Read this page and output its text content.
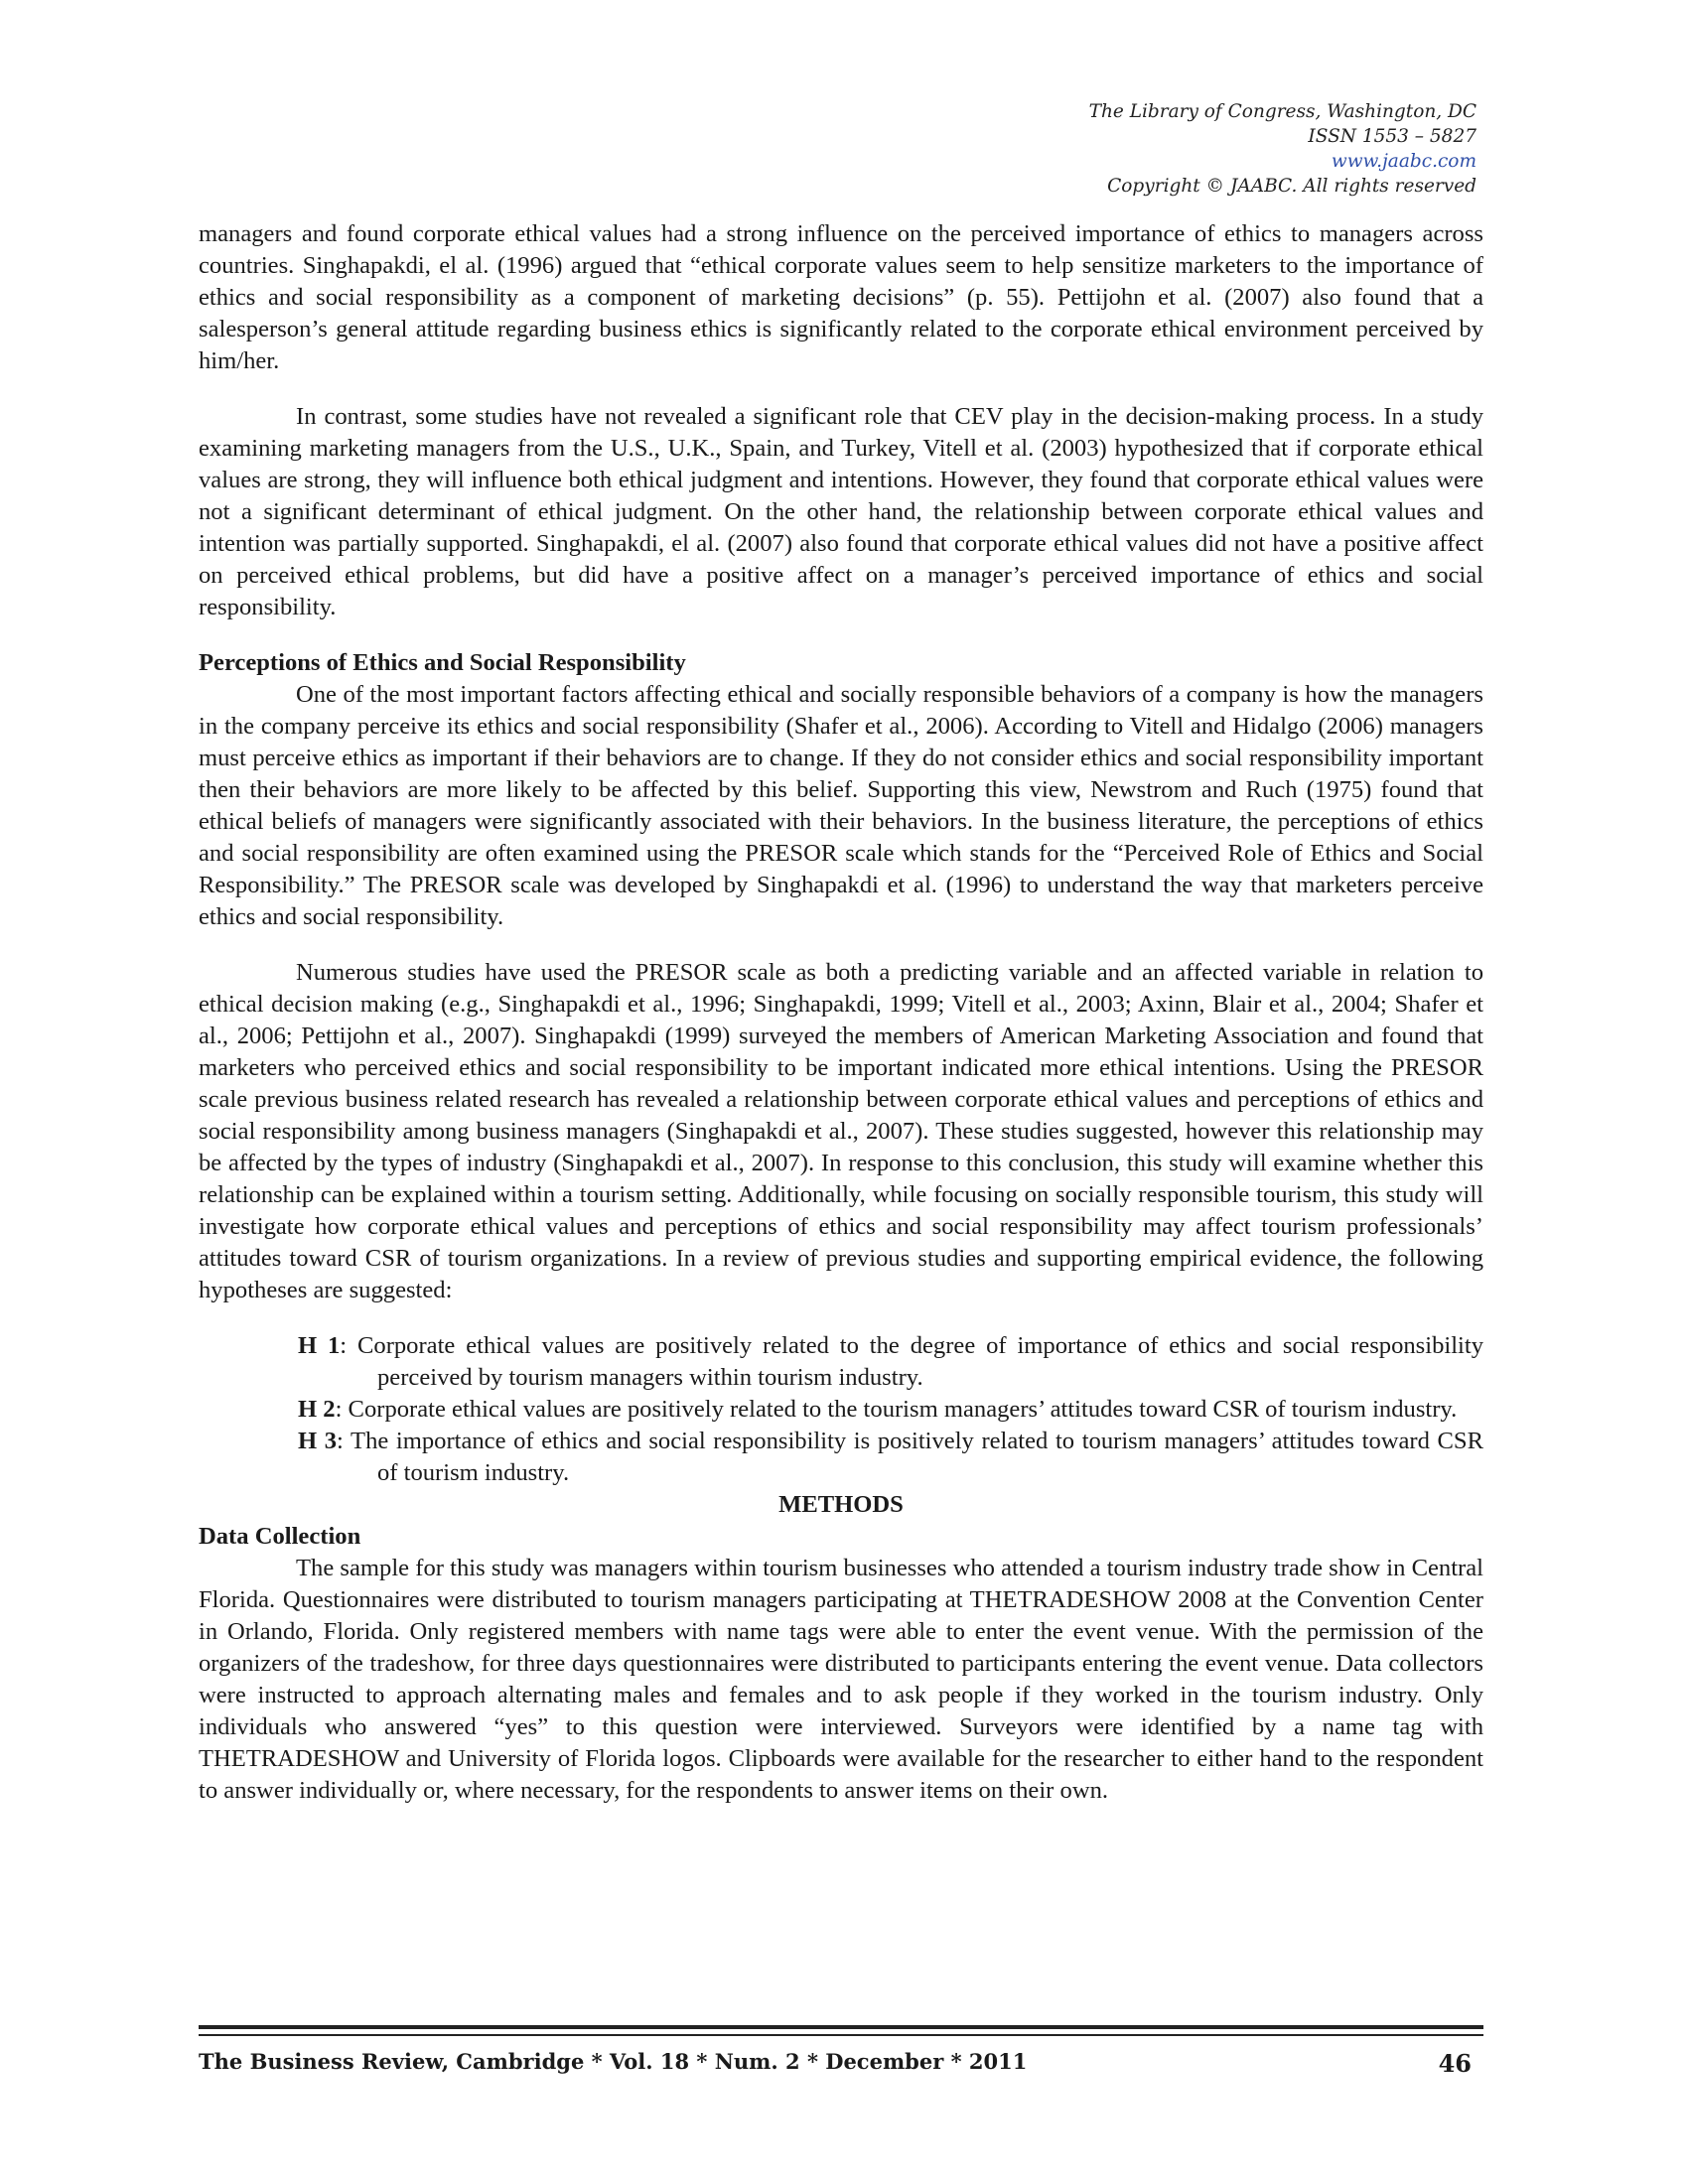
The Library of Congress, Washington, DC
ISSN 1553 – 5827
www.jaabc.com
Copyright © JAABC. All rights reserved

managers and found corporate ethical values had a strong influence on the perceived importance of ethics to managers across countries. Singhapakdi, el al. (1996) argued that “ethical corporate values seem to help sensitize marketers to the importance of ethics and social responsibility as a component of marketing decisions” (p. 55). Pettijohn et al. (2007) also found that a salesperson’s general attitude regarding business ethics is significantly related to the corporate ethical environment perceived by him/her.

In contrast, some studies have not revealed a significant role that CEV play in the decision-making process. In a study examining marketing managers from the U.S., U.K., Spain, and Turkey, Vitell et al. (2003) hypothesized that if corporate ethical values are strong, they will influence both ethical judgment and intentions. However, they found that corporate ethical values were not a significant determinant of ethical judgment. On the other hand, the relationship between corporate ethical values and intention was partially supported. Singhapakdi, el al. (2007) also found that corporate ethical values did not have a positive affect on perceived ethical problems, but did have a positive affect on a manager’s perceived importance of ethics and social responsibility.

Perceptions of Ethics and Social Responsibility

One of the most important factors affecting ethical and socially responsible behaviors of a company is how the managers in the company perceive its ethics and social responsibility (Shafer et al., 2006). According to Vitell and Hidalgo (2006) managers must perceive ethics as important if their behaviors are to change. If they do not consider ethics and social responsibility important then their behaviors are more likely to be affected by this belief. Supporting this view, Newstrom and Ruch (1975) found that ethical beliefs of managers were significantly associated with their behaviors. In the business literature, the perceptions of ethics and social responsibility are often examined using the PRESOR scale which stands for the “Perceived Role of Ethics and Social Responsibility.” The PRESOR scale was developed by Singhapakdi et al. (1996) to understand the way that marketers perceive ethics and social responsibility.

Numerous studies have used the PRESOR scale as both a predicting variable and an affected variable in relation to ethical decision making (e.g., Singhapakdi et al., 1996; Singhapakdi, 1999; Vitell et al., 2003; Axinn, Blair et al., 2004; Shafer et al., 2006; Pettijohn et al., 2007). Singhapakdi (1999) surveyed the members of American Marketing Association and found that marketers who perceived ethics and social responsibility to be important indicated more ethical intentions. Using the PRESOR scale previous business related research has revealed a relationship between corporate ethical values and perceptions of ethics and social responsibility among business managers (Singhapakdi et al., 2007). These studies suggested, however this relationship may be affected by the types of industry (Singhapakdi et al., 2007). In response to this conclusion, this study will examine whether this relationship can be explained within a tourism setting. Additionally, while focusing on socially responsible tourism, this study will investigate how corporate ethical values and perceptions of ethics and social responsibility may affect tourism professionals’ attitudes toward CSR of tourism organizations. In a review of previous studies and supporting empirical evidence, the following hypotheses are suggested:

H 1: Corporate ethical values are positively related to the degree of importance of ethics and social responsibility perceived by tourism managers within tourism industry.

H 2: Corporate ethical values are positively related to the tourism managers’ attitudes toward CSR of tourism industry.

H 3: The importance of ethics and social responsibility is positively related to tourism managers’ attitudes toward CSR of tourism industry.

METHODS

Data Collection

The sample for this study was managers within tourism businesses who attended a tourism industry trade show in Central Florida. Questionnaires were distributed to tourism managers participating at THETRADESHOW 2008 at the Convention Center in Orlando, Florida. Only registered members with name tags were able to enter the event venue. With the permission of the organizers of the tradeshow, for three days questionnaires were distributed to participants entering the event venue. Data collectors were instructed to approach alternating males and females and to ask people if they worked in the tourism industry. Only individuals who answered “yes” to this question were interviewed. Surveyors were identified by a name tag with THETRADESHOW and University of Florida logos. Clipboards were available for the researcher to either hand to the respondent to answer individually or, where necessary, for the respondents to answer items on their own.

The Business Review, Cambridge * Vol. 18 * Num. 2 * December * 2011	46
